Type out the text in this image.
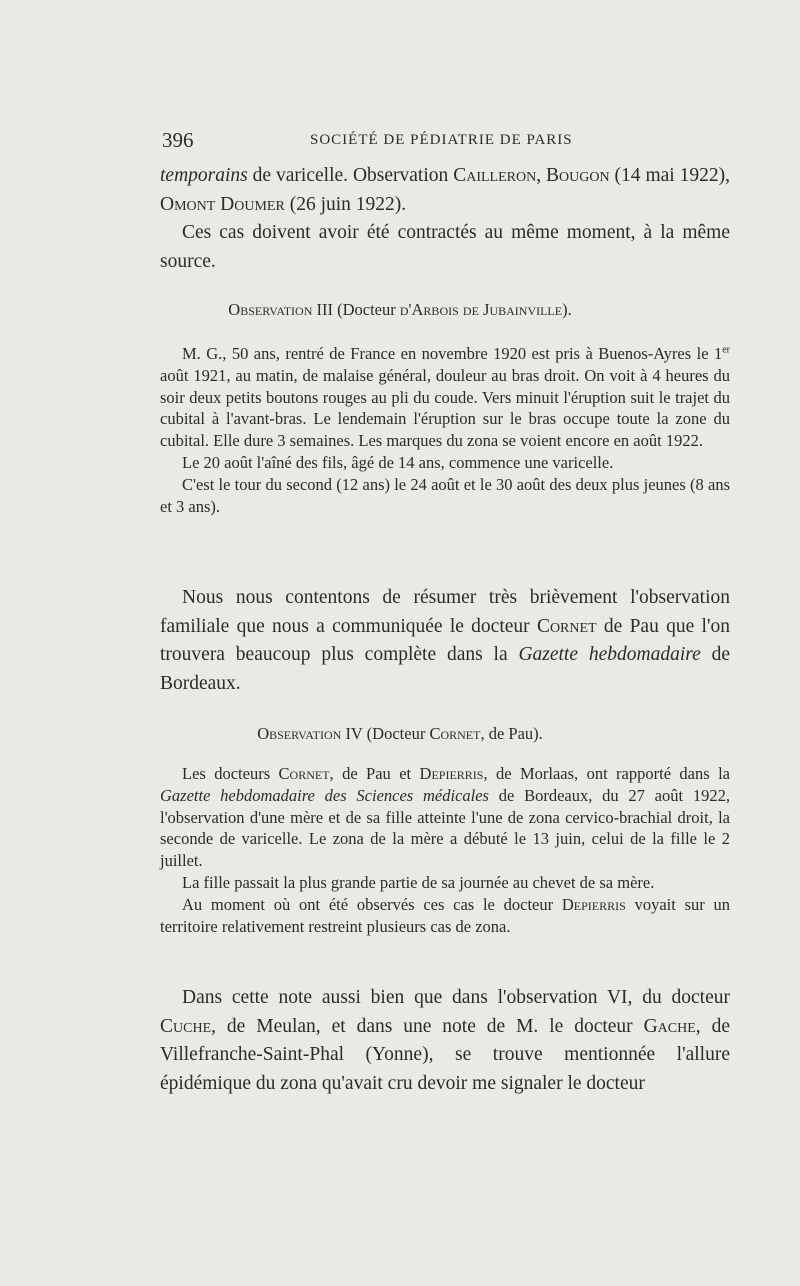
396	SOCIÉTÉ DE PÉDIATRIE DE PARIS

temporains de varicelle. Observation Cailleron, Bougon (14 mai 1922), Omont Doumer (26 juin 1922).

Ces cas doivent avoir été contractés au même moment, à la même source.

Observation III (Docteur d'Arbois de Jubainville).

M. G., 50 ans, rentré de France en novembre 1920 est pris à Buenos-Ayres le 1er août 1921, au matin, de malaise général, douleur au bras droit. On voit à 4 heures du soir deux petits boutons rouges au pli du coude. Vers minuit l'éruption suit le trajet du cubital à l'avant-bras. Le lendemain l'éruption sur le bras occupe toute la zone du cubital. Elle dure 3 semaines. Les marques du zona se voient encore en août 1922.

Le 20 août l'aîné des fils, âgé de 14 ans, commence une varicelle.

C'est le tour du second (12 ans) le 24 août et le 30 août des deux plus jeunes (8 ans et 3 ans).

Nous nous contentons de résumer très brièvement l'observation familiale que nous a communiquée le docteur Cornet de Pau que l'on trouvera beaucoup plus complète dans la Gazette hebdomadaire de Bordeaux.

Observation IV (Docteur Cornet, de Pau).

Les docteurs Cornet, de Pau et Depierris, de Morlaas, ont rapporté dans la Gazette hebdomadaire des Sciences médicales de Bordeaux, du 27 août 1922, l'observation d'une mère et de sa fille atteinte l'une de zona cervico-brachial droit, la seconde de varicelle. Le zona de la mère a débuté le 13 juin, celui de la fille le 2 juillet.

La fille passait la plus grande partie de sa journée au chevet de sa mère.

Au moment où ont été observés ces cas le docteur Depierris voyait sur un territoire relativement restreint plusieurs cas de zona.

Dans cette note aussi bien que dans l'observation VI, du docteur Cuche, de Meulan, et dans une note de M. le docteur Gache, de Villefranche-Saint-Phal (Yonne), se trouve mentionnée l'allure épidémique du zona qu'avait cru devoir me signaler le docteur
